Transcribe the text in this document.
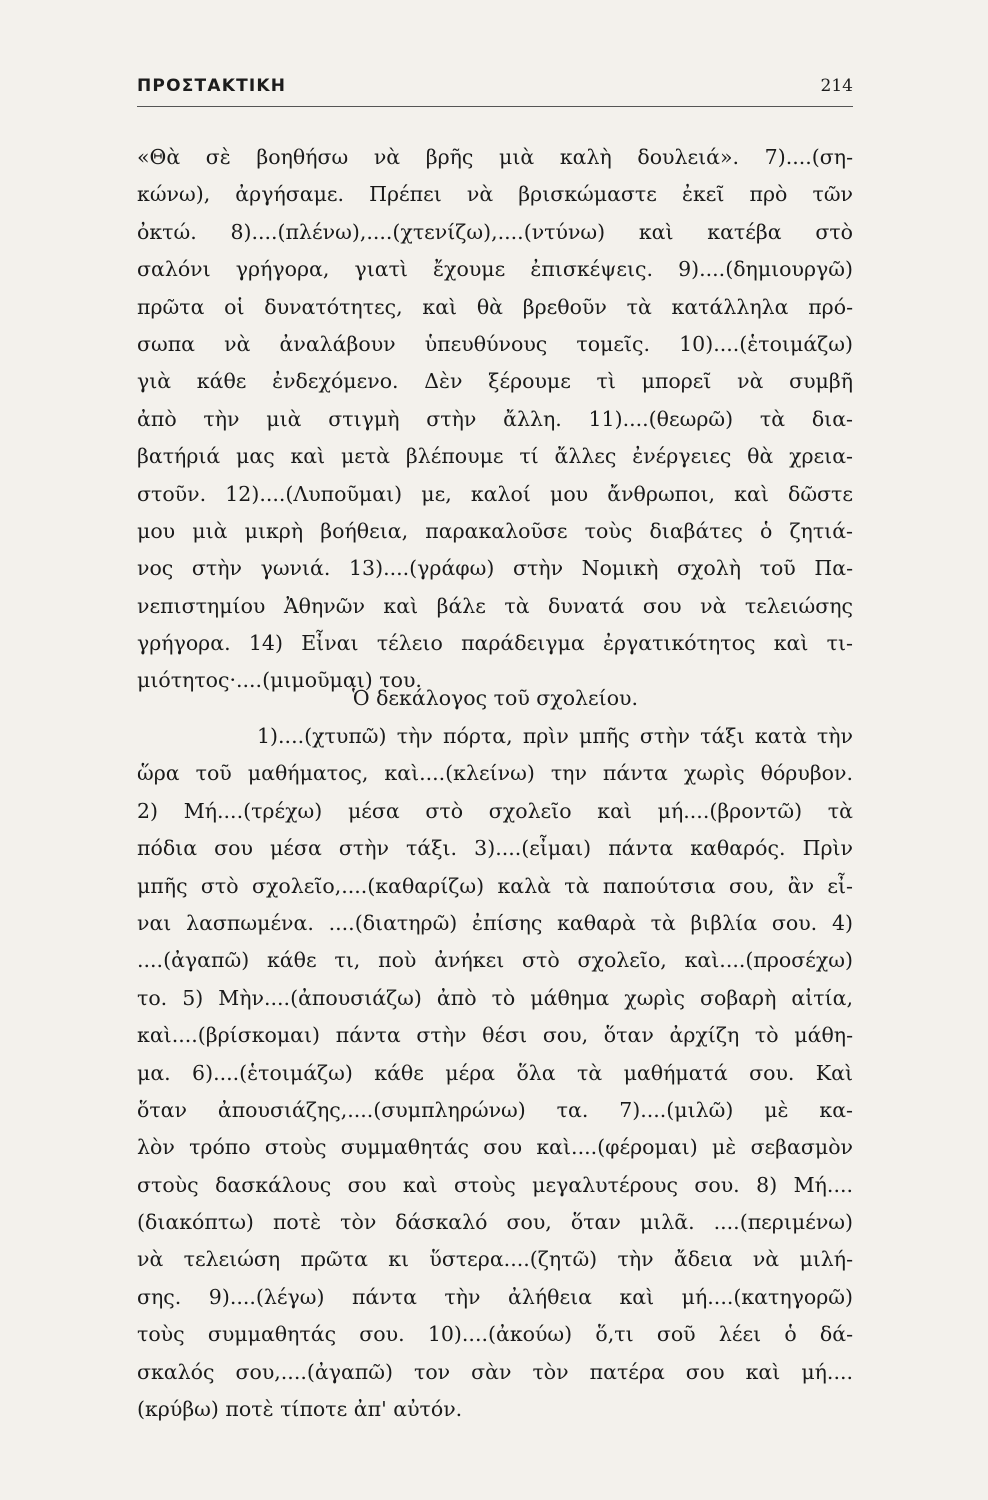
ΠΡΟΣΤΑΚΤΙΚΗ	214
«Θὰ σὲ βοηθήσω νὰ βρῆς μιὰ καλὴ δουλειά». 7)....(ση-
κώνω), ἀργήσαμε. Πρέπει νὰ βρισκώμαστε ἐκεῖ πρὸ τῶν
ὀκτώ. 8)....(πλένω),....(χτενίζω),....(ντύνω) καὶ κατέβα στὸ
σαλόνι γρήγορα, γιατὶ ἔχουμε ἐπισκέψεις. 9)....(δημιουργῶ)
πρῶτα οἱ δυνατότητες, καὶ θὰ βρεθοῦν τὰ κατάλληλα πρό-
σωπα νὰ ἀναλάβουν ὑπευθύνους τομεῖς. 10)....(ἑτοιμάζω)
γιὰ κάθε ἐνδεχόμενο. Δὲν ξέρουμε τὶ μπορεῖ νὰ συμβῆ
ἀπὸ τὴν μιὰ στιγμὴ στὴν ἄλλη. 11)....(θεωρῶ) τὰ δια-
βατήριά μας καὶ μετὰ βλέπουμε τί ἄλλες ἐνέργειες θὰ χρεια-
στοῦν. 12)....(Λυποῦμαι) με, καλοί μου ἄνθρωποι, καὶ δῶστε
μου μιὰ μικρὴ βοήθεια, παρακαλοῦσε τοὺς διαβάτες ὁ ζητιά-
νος στὴν γωνιά. 13)....(γράφω) στὴν Νομικὴ σχολὴ τοῦ Πα-
νεπιστημίου Ἀθηνῶν καὶ βάλε τὰ δυνατά σου νὰ τελειώσης
γρήγορα. 14) Εἶναι τέλειο παράδειγμα ἐργατικότητος καὶ τι-
μιότητος·....(μιμοῦμαι) του.
Ὁ δεκάλογος τοῦ σχολείου.
1)....(χτυπῶ) τὴν πόρτα, πρὶν μπῆς στὴν τάξι κατὰ τὴν
ὥρα τοῦ μαθήματος, καὶ....(κλείνω) την πάντα χωρὶς θόρυβον.
2) Μή....(τρέχω) μέσα στὸ σχολεῖο καὶ μή....(βροντῶ) τὰ
πόδια σου μέσα στὴν τάξι. 3)....(εἶμαι) πάντα καθαρός. Πρὶν
μπῆς στὸ σχολεῖο,....(καθαρίζω) καλὰ τὰ παπούτσια σου, ἂν εἶ-
ναι λασπωμένα. ....(διατηρῶ) ἐπίσης καθαρὰ τὰ βιβλία σου. 4)
....(ἀγαπῶ) κάθε τι, ποὺ ἀνήκει στὸ σχολεῖο, καὶ....(προσέχω)
το. 5) Μὴν....(ἀπουσιάζω) ἀπὸ τὸ μάθημα χωρὶς σοβαρὴ αἰτία,
καὶ....(βρίσκομαι) πάντα στὴν θέσι σου, ὅταν ἀρχίζη τὸ μάθη-
μα. 6)....(ἑτοιμάζω) κάθε μέρα ὅλα τὰ μαθήματά σου. Καὶ
ὅταν ἀπουσιάζης,....(συμπληρώνω) τα. 7)....(μιλῶ) μὲ κα-
λὸν τρόπο στοὺς συμμαθητάς σου καὶ....(φέρομαι) μὲ σεβασμὸν
στοὺς δασκάλους σου καὶ στοὺς μεγαλυτέρους σου. 8) Μή....
(διακόπτω) ποτὲ τὸν δάσκαλό σου, ὅταν μιλᾶ. ....(περιμένω)
νὰ τελειώση πρῶτα κι ὕστερα....(ζητῶ) τὴν ἄδεια νὰ μιλή-
σης. 9)....(λέγω) πάντα τὴν ἀλήθεια καὶ μή....(κατηγορῶ)
τοὺς συμμαθητάς σου. 10)....(ἀκούω) ὅ,τι σοῦ λέει ὁ δά-
σκαλός σου,....(ἀγαπῶ) τον σὰν τὸν πατέρα σου καὶ μή....
(κρύβω) ποτὲ τίποτε ἀπ' αὐτόν.
